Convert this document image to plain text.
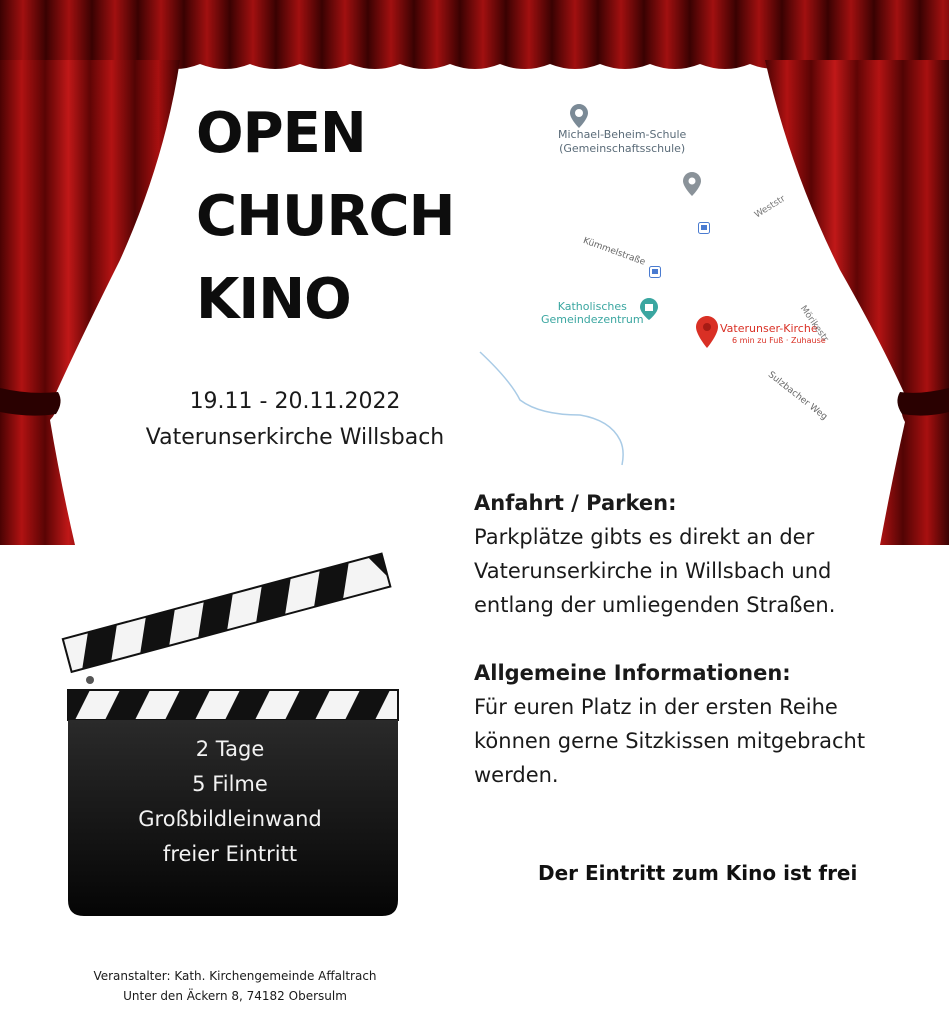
OPEN
CHURCH
KINO
19.11 - 20.11.2022
Vaterunserkirche Willsbach
Michael-Beheim-Schule
(Gemeinschaftsschule)
Katholisches
Gemeindezentrum
Vaterunser-Kirche
6 min zu Fuß · Zuhause
Kümmelstraße
Weststr
Sulzbacher Weg
Mörikestr

Anfahrt / Parken:

Parkplätze gibts es direkt an der

Vaterunserkirche in Willsbach und

entlang der umliegenden Straßen.

Allgemeine Informationen:

Für euren Platz in der ersten Reihe

können gerne Sitzkissen mitgebracht

werden.

Der Eintritt zum Kino ist frei
2 Tage
5 Filme
Großbildleinwand
freier Eintritt
Veranstalter: Kath. Kirchengemeinde Affaltrach
Unter den Äckern 8, 74182 Obersulm
